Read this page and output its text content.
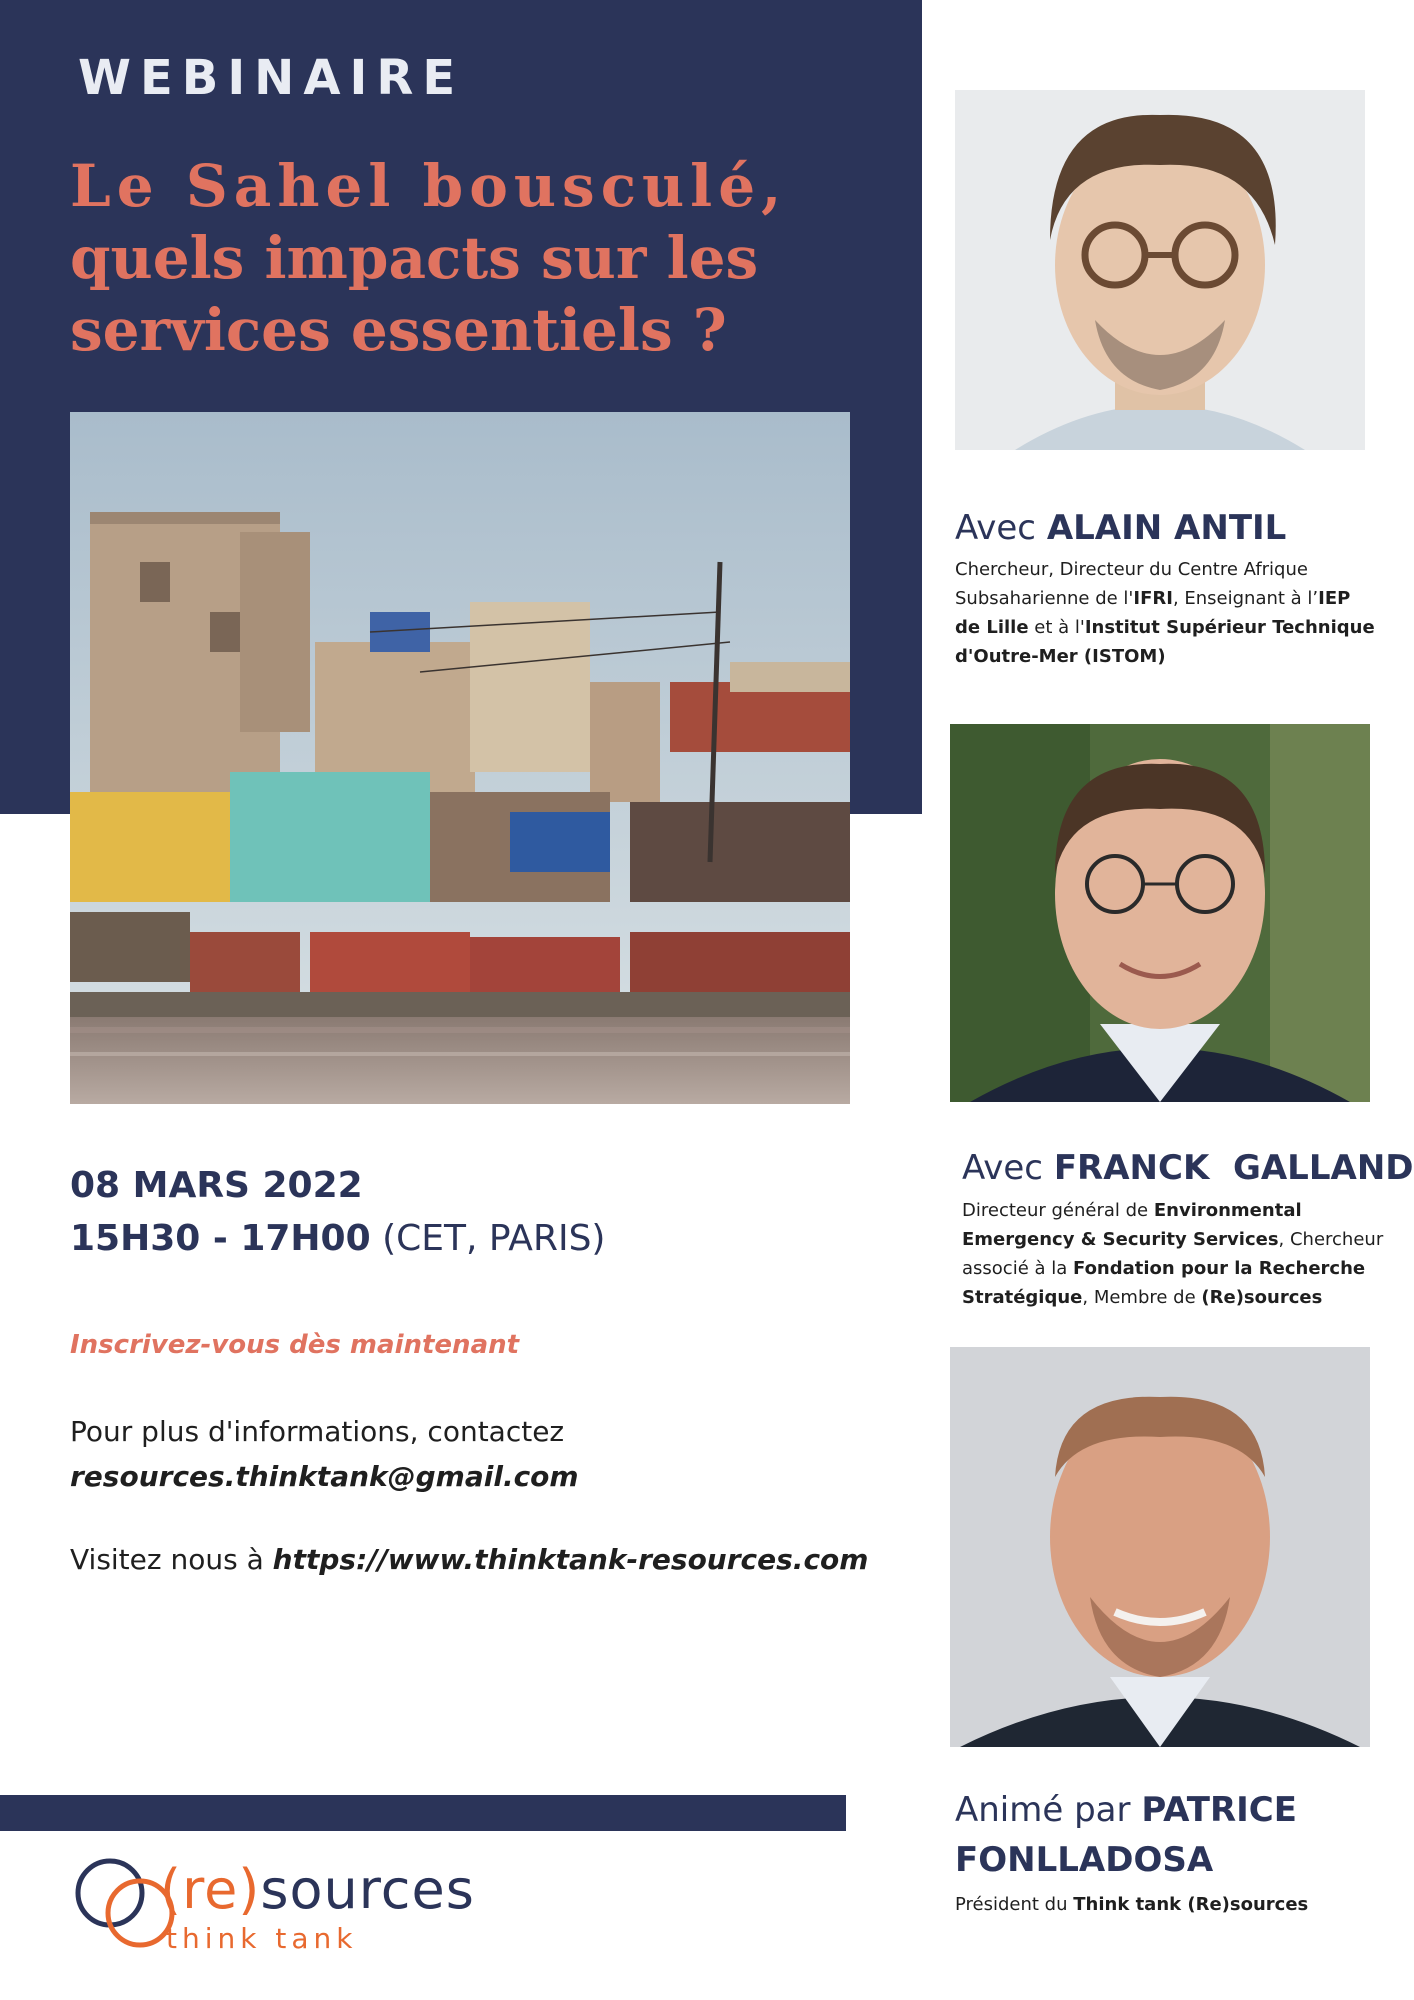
WEBINAIRE
Le Sahel bousculé,
quels impacts sur les
services essentiels ?
Avec ALAIN ANTIL
Chercheur, Directeur du Centre Afrique Subsaharienne de l'IFRI, Enseignant à l’IEP de Lille et à l'Institut Supérieur Technique d'Outre-Mer (ISTOM)
Avec FRANCK  GALLAND
Directeur général de Environmental Emergency & Security Services, Chercheur associé à la Fondation pour la Recherche Stratégique, Membre de (Re)sources
Animé par PATRICE
FONLLADOSA
Président du Think tank (Re)sources
08 MARS 2022
15H30 - 17H00 (CET, PARIS)
Inscrivez-vous dès maintenant
Pour plus d'informations, contactez
resources.thinktank@gmail.com
Visitez nous à https://www.thinktank-resources.com
(re)sources
think tank
